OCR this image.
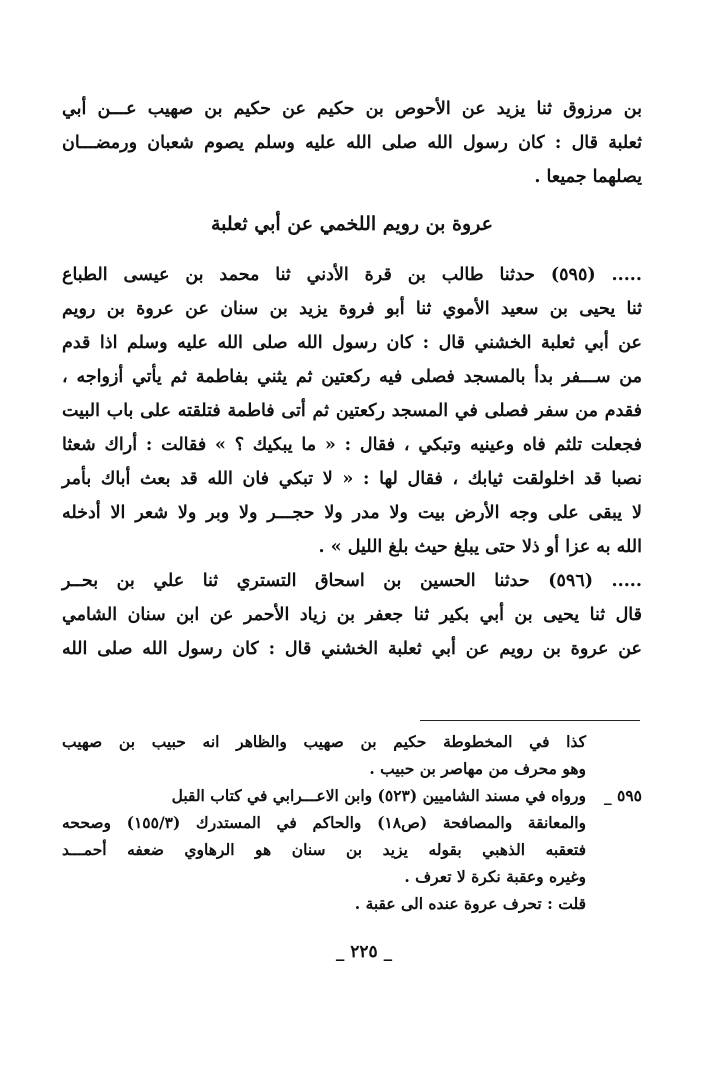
بن مرزوق ثنا يزيد عن الأحوص بن حكيم عن حكيم بن صهيب عـــن أبي
ثعلبة قال : كان رسول الله صلى الله عليه وسلم يصوم شعبان ورمضـــان
يصلهما جميعا .
عروة بن رويم اللخمي عن أبي ثعلبة
..... (٥٩٥) حدثنا طالب بن قرة الأدني ثنا محمد بن عيسى الطباع
ثنا يحيى بن سعيد الأموي ثنا أبو فروة يزيد بن سنان عن عروة بن رويم
عن أبي ثعلبة الخشني قال : كان رسول الله صلى الله عليه وسلم اذا قدم
من ســـفر بدأ بالمسجد فصلى فيه ركعتين ثم يثني بفاطمة ثم يأتي أزواجه ،
فقدم من سفر فصلى في المسجد ركعتين ثم أتى فاطمة فتلقته على باب البيت
فجعلت تلثم فاه وعينيه وتبكي ، فقال : « ما يبكيك ؟ » فقالت : أراك شعثا
نصبا قد اخلولقت ثيابك ، فقال لها : « لا تبكي فان الله قد بعث أباك بأمر
لا يبقى على وجه الأرض بيت ولا مدر ولا حجـــر ولا وبر ولا شعر الا أدخله
الله به عزا أو ذلا حتى يبلغ حيث بلغ الليل » .
..... (٥٩٦) حدثنا الحسين بن اسحاق التستري ثنا علي بن بحــر
قال ثنا يحيى بن أبي بكير ثنا جعفر بن زياد الأحمر عن ابن سنان الشامي
عن عروة بن رويم عن أبي ثعلبة الخشني قال : كان رسول الله صلى الله
كذا في المخطوطة حكيم بن صهيب والظاهر انه حبيب بن صهيب
وهو محرف من مهاصر بن حبيب .
٥٩٥ _ورواه في مسند الشاميين (٥٢٣) وابن الاعـــرابي في كتاب القبل
والمعانقة والمصافحة (ص١٨) والحاكم في المستدرك (١٥٥/٣) وصححه
فتعقبه الذهبي بقوله يزيد بن سنان هو الرهاوي ضعفه أحمـــد
وغيره وعقبة نكرة لا تعرف .
قلت : تحرف عروة عنده الى عقبة .
_ ٢٢٥ _
